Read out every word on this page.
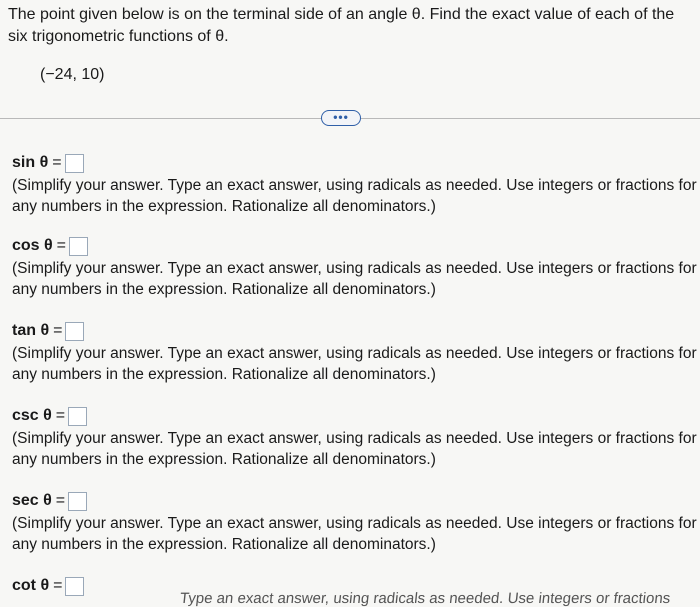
The point given below is on the terminal side of an angle θ. Find the exact value of each of the six trigonometric functions of θ.
(−24, 10)
•••
sin θ =
(Simplify your answer. Type an exact answer, using radicals as needed. Use integers or fractions for any numbers in the expression. Rationalize all denominators.)
cos θ =
(Simplify your answer. Type an exact answer, using radicals as needed. Use integers or fractions for any numbers in the expression. Rationalize all denominators.)
tan θ =
(Simplify your answer. Type an exact answer, using radicals as needed. Use integers or fractions for any numbers in the expression. Rationalize all denominators.)
csc θ =
(Simplify your answer. Type an exact answer, using radicals as needed. Use integers or fractions for any numbers in the expression. Rationalize all denominators.)
sec θ =
(Simplify your answer. Type an exact answer, using radicals as needed. Use integers or fractions for any numbers in the expression. Rationalize all denominators.)
cot θ =
Type an exact answer, using radicals as needed. Use integers or fractions
